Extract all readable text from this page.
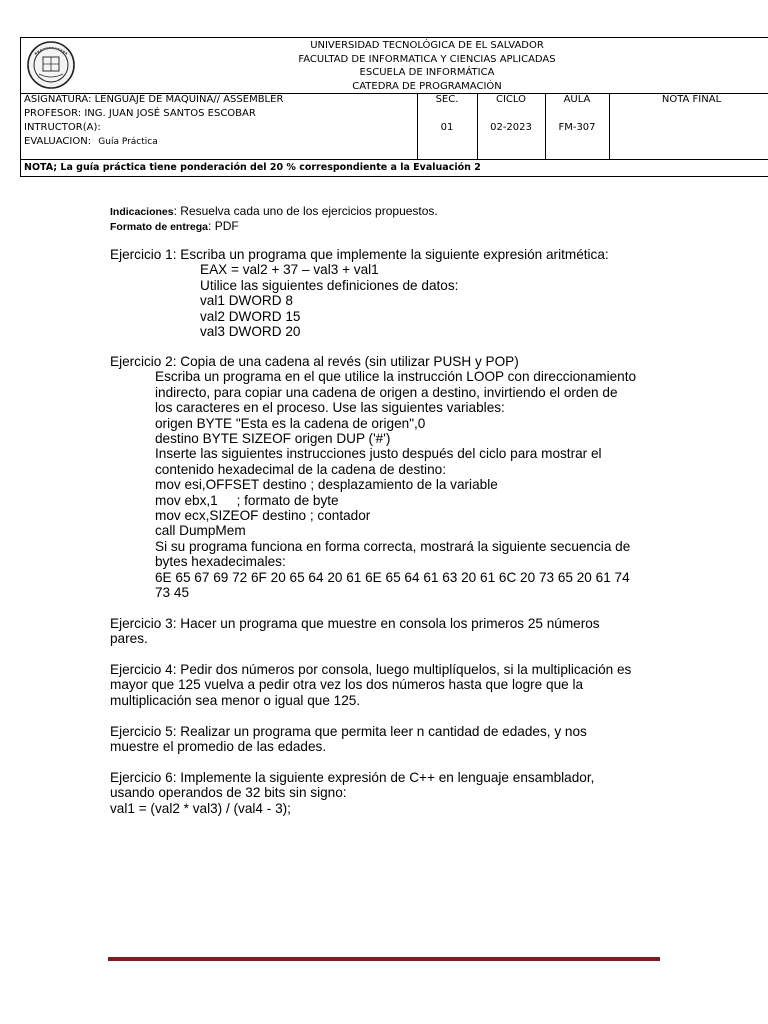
UNIVERSIDAD TECNOLÓGICA DE EL SALVADOR
FACULTAD DE INFORMATICA Y CIENCIAS APLICADAS
ESCUELA DE INFORMÁTICA
CATEDRA DE PROGRAMACIÓN
ASIGNATURA: LENGUAJE DE MAQUINA// ASSEMBLER
PROFESOR: ING. JUAN JOSÉ SANTOS ESCOBAR
INTRUCTOR(A):
EVALUACION: Guía Práctica
SEC.
01
CICLO
02-2023
AULA
FM-307
NOTA FINAL
NOTA; La guía práctica tiene ponderación del 20 % correspondiente a la Evaluación 2
Indicaciones: Resuelva cada uno de los ejercicios propuestos.
Formato de entrega: PDF
Ejercicio 1: Escriba un programa que implemente la siguiente expresión aritmética:
EAX = val2 + 37 – val3 + val1
Utilice las siguientes definiciones de datos:
val1 DWORD 8
val2 DWORD 15
val3 DWORD 20
Ejercicio 2: Copia de una cadena al revés (sin utilizar PUSH y POP)
Escriba un programa en el que utilice la instrucción LOOP con direccionamiento
indirecto, para copiar una cadena de origen a destino, invirtiendo el orden de
los caracteres en el proceso. Use las siguientes variables:
origen BYTE "Esta es la cadena de origen",0
destino BYTE SIZEOF origen DUP ('#')
Inserte las siguientes instrucciones justo después del ciclo para mostrar el
contenido hexadecimal de la cadena de destino:
mov esi,OFFSET destino ; desplazamiento de la variable
mov ebx,1     ; formato de byte
mov ecx,SIZEOF destino ; contador
call DumpMem
Si su programa funciona en forma correcta, mostrará la siguiente secuencia de
bytes hexadecimales:
6E 65 67 69 72 6F 20 65 64 20 61 6E 65 64 61 63 20 61 6C 20 73 65 20 61 74
73 45
Ejercicio 3: Hacer un programa que muestre en consola los primeros 25 números
pares.
Ejercicio 4: Pedir dos números por consola, luego multiplíquelos, si la multiplicación es
mayor que 125 vuelva a pedir otra vez los dos números hasta que logre que la
multiplicación sea menor o igual que 125.
Ejercicio 5: Realizar un programa que permita leer n cantidad de edades, y nos
muestre el promedio de las edades.
Ejercicio 6: Implemente la siguiente expresión de C++ en lenguaje ensamblador,
usando operandos de 32 bits sin signo:
val1 = (val2 * val3) / (val4 - 3);
